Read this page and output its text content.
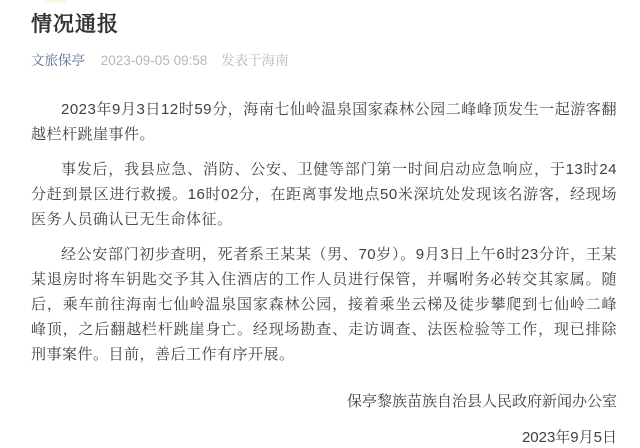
情况通报
文旅保亭 2023-09-05 09:58 发表于海南

2023年9月3日12时59分，海南七仙岭温泉国家森林公园二峰峰顶发生一起游客翻越栏杆跳崖事件。

事发后，我县应急、消防、公安、卫健等部门第一时间启动应急响应，于13时24分赶到景区进行救援。16时02分，在距离事发地点50米深坑处发现该名游客，经现场医务人员确认已无生命体征。

经公安部门初步查明，死者系王某某（男、70岁）。9月3日上午6时23分许，王某某退房时将车钥匙交予其入住酒店的工作人员进行保管，并嘱咐务必转交其家属。随后，乘车前往海南七仙岭温泉国家森林公园，接着乘坐云梯及徒步攀爬到七仙岭二峰峰顶，之后翻越栏杆跳崖身亡。经现场勘查、走访调查、法医检验等工作，现已排除刑事案件。目前，善后工作有序开展。

保亭黎族苗族自治县人民政府新闻办公室
2023年9月5日
